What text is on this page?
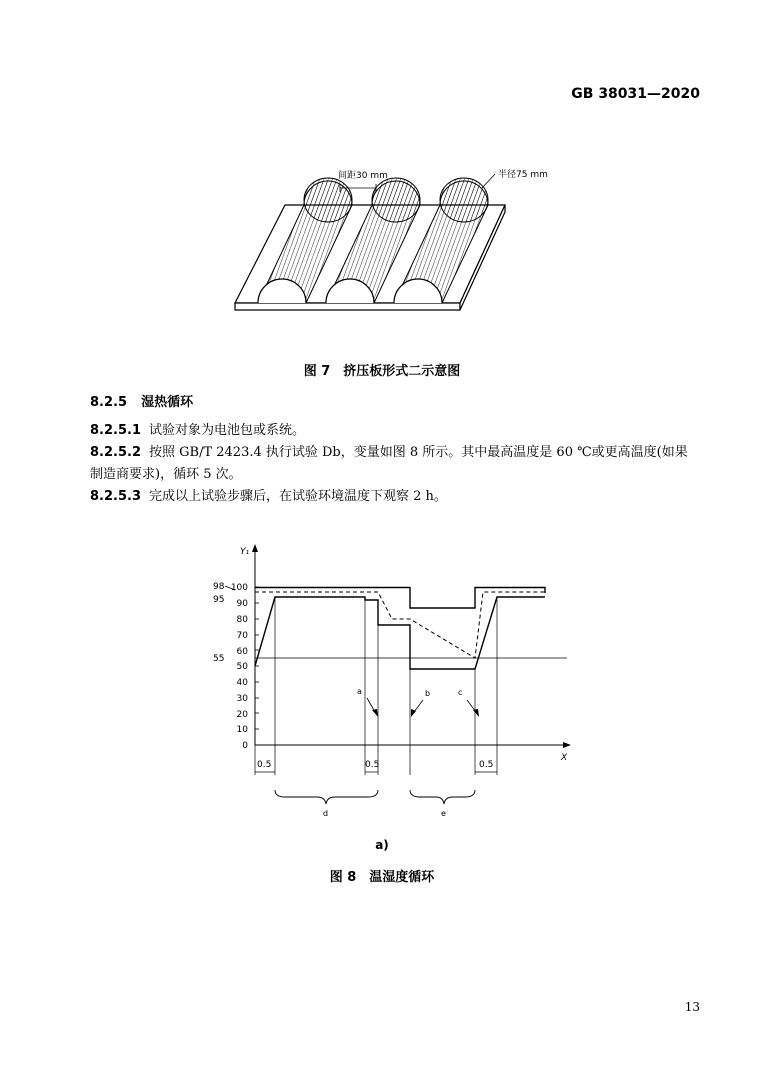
GB 38031—2020
间距30 mm	半径75 mm
图 7　挤压板形式二示意图
8.2.5 湿热循环
8.2.5.1 试验对象为电池包或系统。
8.2.5.2 按照 GB/T 2423.4 执行试验 Db，变量如图 8 所示。其中最高温度是 60 ℃或更高温度(如果制造商要求)，循环 5 次。
8.2.5.3 完成以上试验步骤后，在试验环境温度下观察 2 h。
Y₁
X
0
10
20
30
40
50
60
70
80
90
100
98
95
55
0.5	0.5	0.5
a	b	c
d	e
a)
图 8　温湿度循环
13
